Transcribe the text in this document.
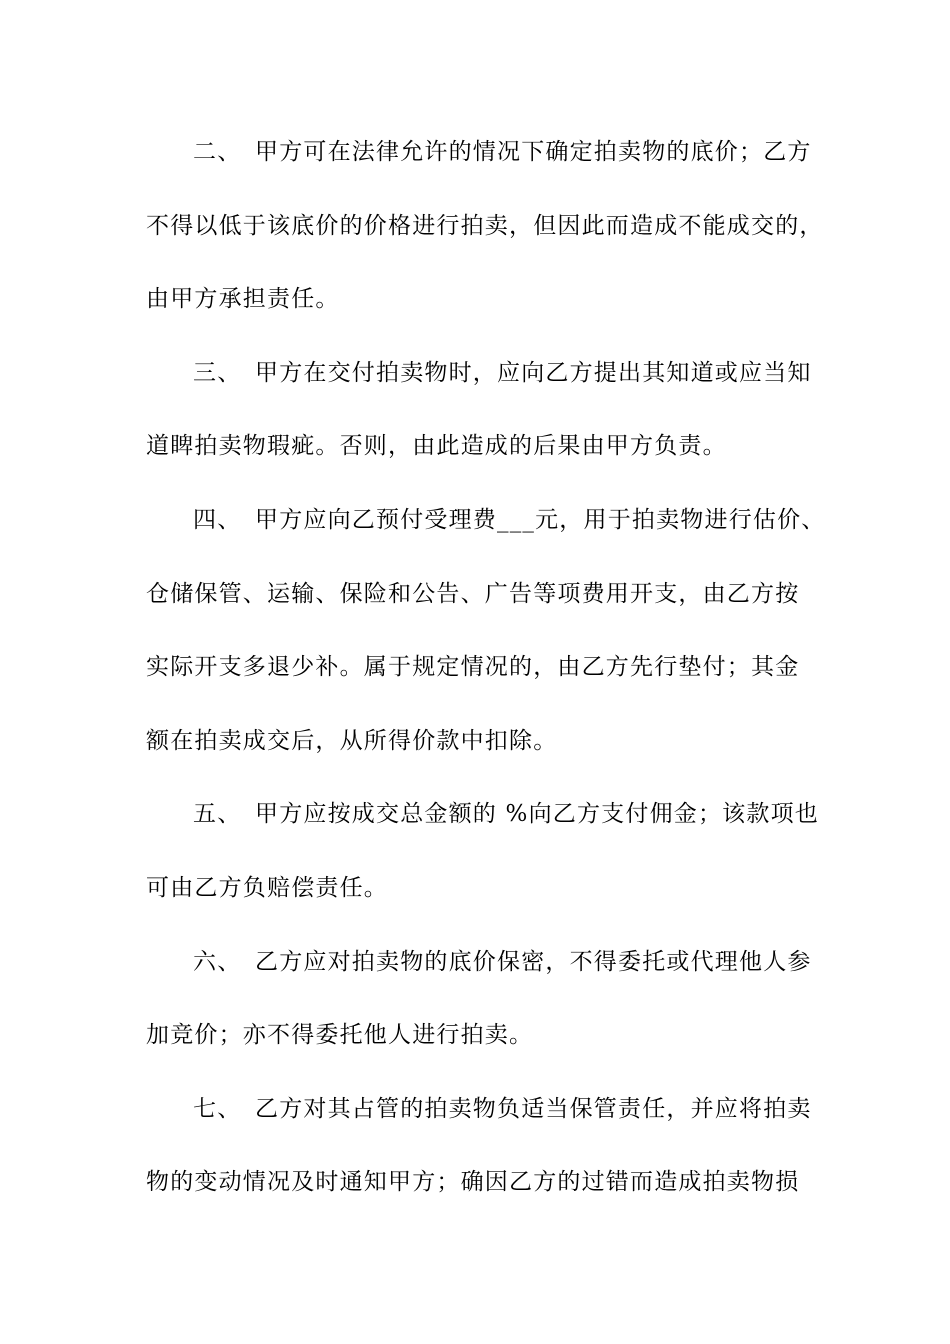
二、 甲方可在法律允许的情况下确定拍卖物的底价；乙方
不得以低于该底价的价格进行拍卖，但因此而造成不能成交的，
由甲方承担责任。
三、 甲方在交付拍卖物时，应向乙方提出其知道或应当知
道睥拍卖物瑕疵。否则，由此造成的后果由甲方负责。
四、 甲方应向乙预付受理费___元，用于拍卖物进行估价、
仓储保管、运输、保险和公告、广告等项费用开支，由乙方按
实际开支多退少补。属于规定情况的，由乙方先行垫付；其金
额在拍卖成交后，从所得价款中扣除。
五、 甲方应按成交总金额的 %向乙方支付佣金；该款项也
可由乙方负赔偿责任。
六、 乙方应对拍卖物的底价保密，不得委托或代理他人参
加竞价；亦不得委托他人进行拍卖。
七、 乙方对其占管的拍卖物负适当保管责任，并应将拍卖
物的变动情况及时通知甲方；确因乙方的过错而造成拍卖物损
